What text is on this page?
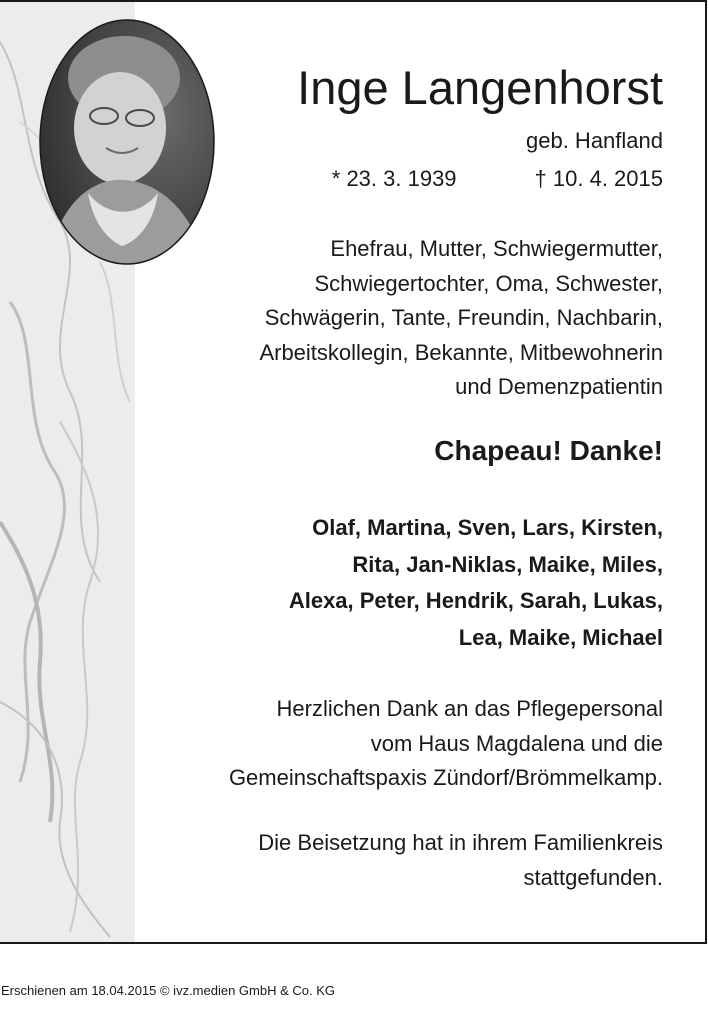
Inge Langenhorst
geb. Hanfland
* 23. 3. 1939	† 10. 4. 2015
Ehefrau, Mutter, Schwiegermutter,
Schwiegertochter, Oma, Schwester,
Schwägerin, Tante, Freundin, Nachbarin,
Arbeitskollegin, Bekannte, Mitbewohnerin
und Demenzpatientin
Chapeau! Danke!
Olaf, Martina, Sven, Lars, Kirsten,
Rita, Jan-Niklas, Maike, Miles,
Alexa, Peter, Hendrik, Sarah, Lukas,
Lea, Maike, Michael
Herzlichen Dank an das Pflegepersonal
vom Haus Magdalena und die
Gemeinschaftspaxis Zündorf/Brömmelkamp.
Die Beisetzung hat in ihrem Familienkreis
stattgefunden.
Erschienen am 18.04.2015 © ivz.medien GmbH & Co. KG
